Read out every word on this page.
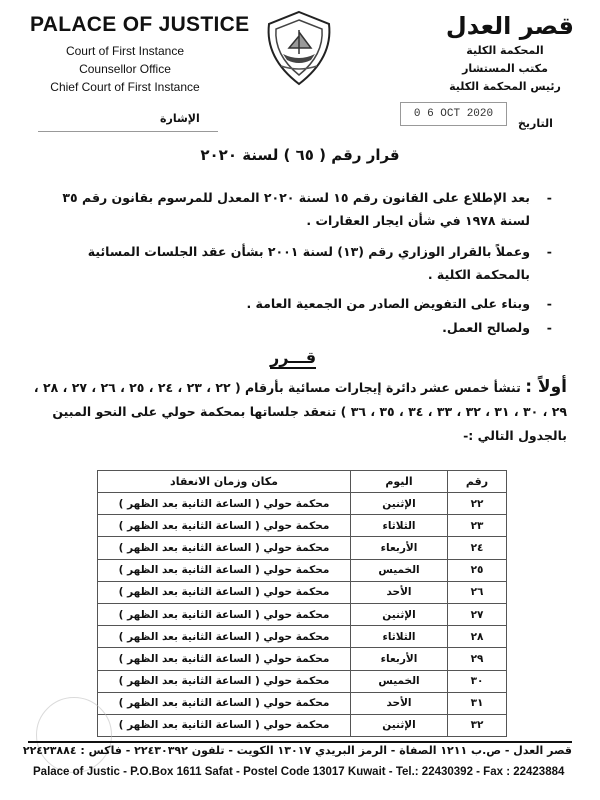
PALACE OF JUSTICE
Court of First Instance
Counsellor Office
Chief Court of First Instance
قصر العدل
المحكمة الكلية
مكتب المستشار
رئيس المحكمة الكلية
الإشارة	0 6 OCT 2020
التاريخ
قرار رقم ( ٦٥ ) لسنة ٢٠٢٠
-
بعد الإطلاع على القانون رقم ١٥ لسنة ٢٠٢٠ المعدل للمرسوم بقانون رقم ٣٥ لسنة ١٩٧٨ في شأن ايجار العقارات .
-
وعملاً بالقرار الوزاري رقم (١٣) لسنة ٢٠٠١ بشأن عقد الجلسات المسائية بالمحكمة الكلية .
-
وبناء على التفويض الصادر من الجمعية العامة .
-
ولصالح العمل.
قـــرر
أولاً : تنشأ خمس عشر دائرة إيجارات مسائية بأرقام ( ٢٢ ، ٢٣ ، ٢٤ ، ٢٥ ، ٢٦ ، ٢٧ ، ٢٨ ، ٢٩ ، ٣٠ ، ٣١ ، ٣٢ ، ٣٣ ، ٣٤ ، ٣٥ ، ٣٦ ) تنعقد جلساتها بمحكمة حولي على النحو المبين بالجدول التالي :-
رقم	اليوم	مكان وزمان الانعقاد
٢٢	الإثنين	محكمة حولي ( الساعة الثانية بعد الظهر )
٢٣	الثلاثاء	محكمة حولي ( الساعة الثانية بعد الظهر )
٢٤	الأربعاء	محكمة حولي ( الساعة الثانية بعد الظهر )
٢٥	الخميس	محكمة حولي ( الساعة الثانية بعد الظهر )
٢٦	الأحد	محكمة حولي ( الساعة الثانية بعد الظهر )
٢٧	الإثنين	محكمة حولي ( الساعة الثانية بعد الظهر )
٢٨	الثلاثاء	محكمة حولي ( الساعة الثانية بعد الظهر )
٢٩	الأربعاء	محكمة حولي ( الساعة الثانية بعد الظهر )
٣٠	الخميس	محكمة حولي ( الساعة الثانية بعد الظهر )
٣١	الأحد	محكمة حولي ( الساعة الثانية بعد الظهر )
٣٢	الإثنين	محكمة حولي ( الساعة الثانية بعد الظهر )
قصر العدل - ص.ب ١٢١١ الصفاة - الرمز البريدي ١٣٠١٧ الكويت - تلفون ٢٢٤٣٠٣٩٢ - فاكس : ٢٢٤٢٣٨٨٤
Palace of Justic - P.O.Box 1611 Safat - Postel Code 13017 Kuwait - Tel.: 22430392 - Fax : 22423884
